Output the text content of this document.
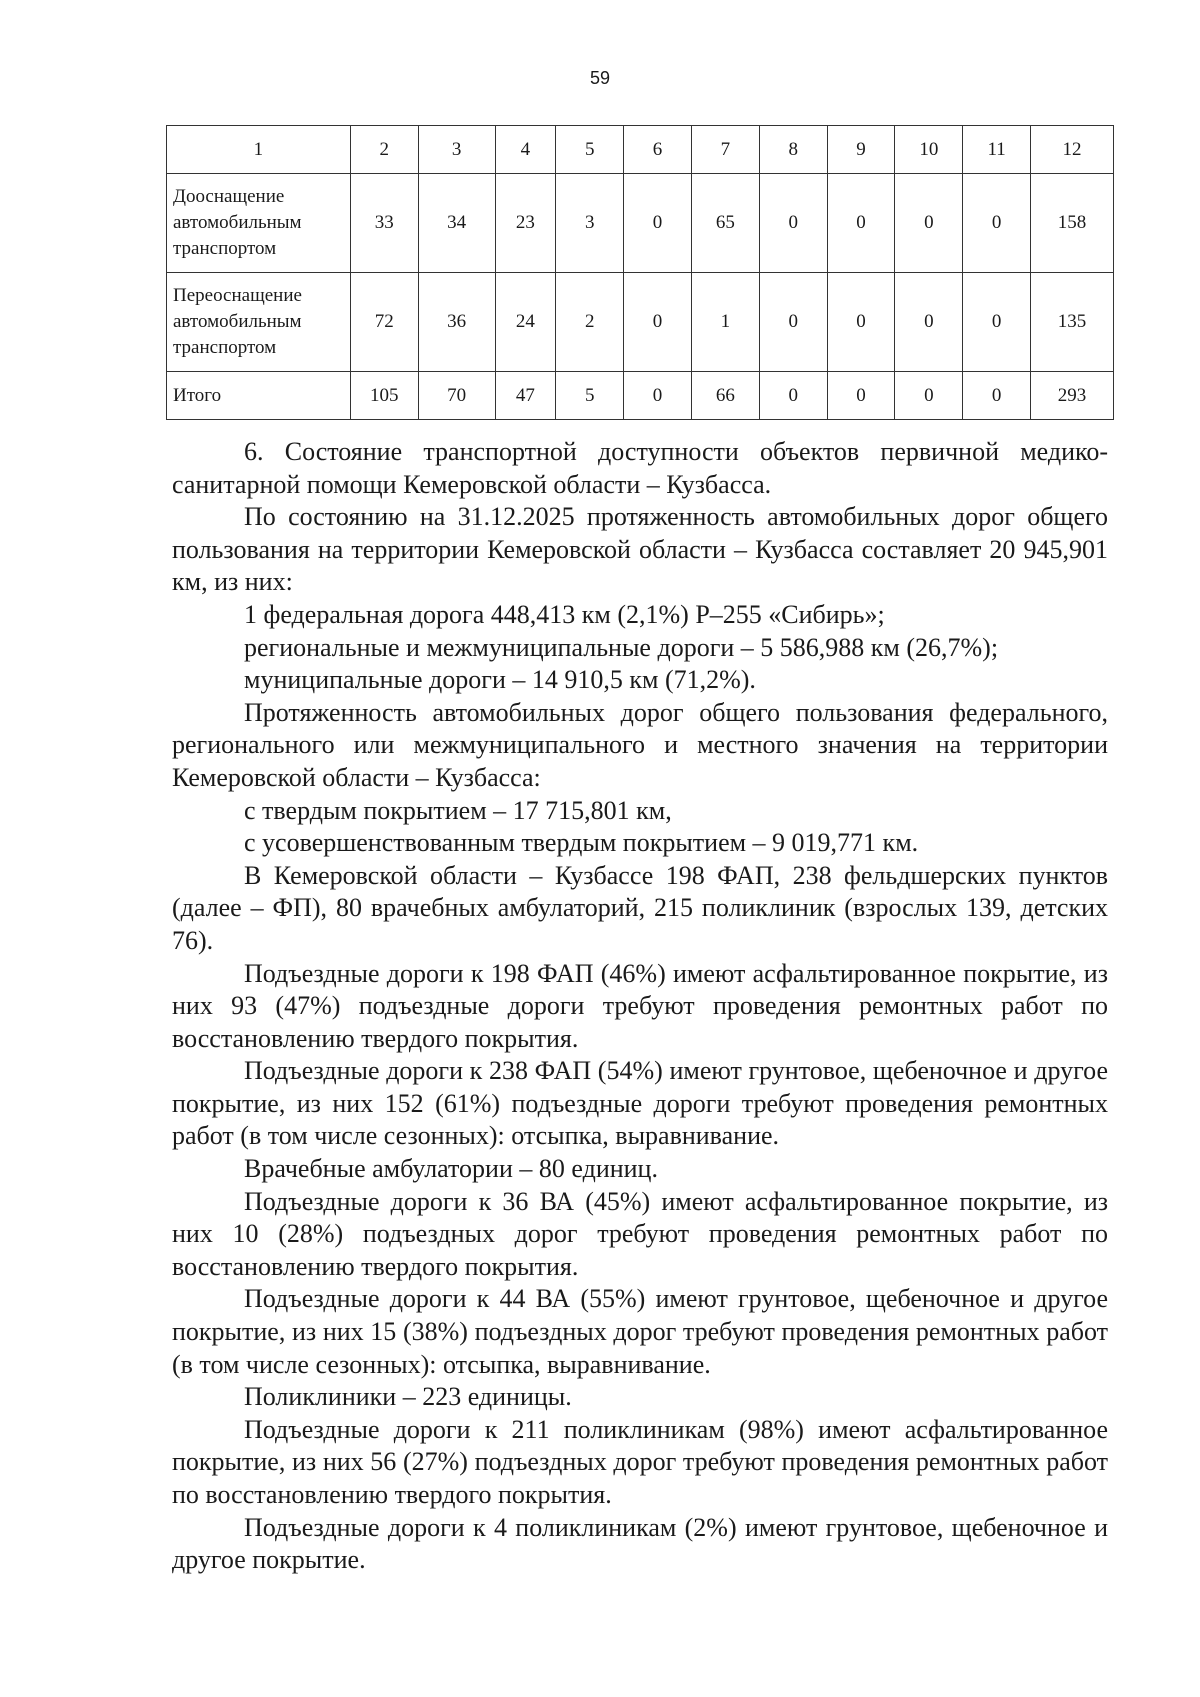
59
1	2	3	4	5	6	7	8	9	10	11	12

Дооснащение
автомобильным
транспортом	33	34	23	3	0	65	0	0	0	0	158

Переоснащение
автомобильным
транспортом	72	36	24	2	0	1	0	0	0	0	135

Итого	105	70	47	5	0	66	0	0	0	0	293

6. Состояние транспортной доступности объектов первичной медико-санитарной помощи Кемеровской области – Кузбасса.

По состоянию на 31.12.2025 протяженность автомобильных дорог общего пользования на территории Кемеровской области – Кузбасса составляет 20 945,901 км, из них:

1 федеральная дорога 448,413 км (2,1%) Р–255 «Сибирь»;

региональные и межмуниципальные дороги – 5 586,988 км (26,7%);

муниципальные дороги – 14 910,5 км (71,2%).

Протяженность автомобильных дорог общего пользования федерального, регионального или межмуниципального и местного значения на территории Кемеровской области – Кузбасса:

с твердым покрытием – 17 715,801 км,

с усовершенствованным твердым покрытием – 9 019,771 км.

В Кемеровской области – Кузбассе 198 ФАП, 238 фельдшерских пунктов (далее – ФП), 80 врачебных амбулаторий, 215 поликлиник (взрослых 139, детских 76).

Подъездные дороги к 198 ФАП (46%) имеют асфальтированное покрытие, из них 93 (47%) подъездные дороги требуют проведения ремонтных работ по восстановлению твердого покрытия.

Подъездные дороги к 238 ФАП (54%) имеют грунтовое, щебеночное и другое покрытие, из них 152 (61%) подъездные дороги требуют проведения ремонтных работ (в том числе сезонных): отсыпка, выравнивание.

Врачебные амбулатории – 80 единиц.

Подъездные дороги к 36 ВА (45%) имеют асфальтированное покрытие, из них 10 (28%) подъездных дорог требуют проведения ремонтных работ по восстановлению твердого покрытия.

Подъездные дороги к 44 ВА (55%) имеют грунтовое, щебеночное и другое покрытие, из них 15 (38%) подъездных дорог требуют проведения ремонтных работ (в том числе сезонных): отсыпка, выравнивание.

Поликлиники – 223 единицы.

Подъездные дороги к 211 поликлиникам (98%) имеют асфальтированное покрытие, из них 56 (27%) подъездных дорог требуют проведения ремонтных работ по восстановлению твердого покрытия.

Подъездные дороги к 4 поликлиникам (2%) имеют грунтовое, щебеночное и другое покрытие.
